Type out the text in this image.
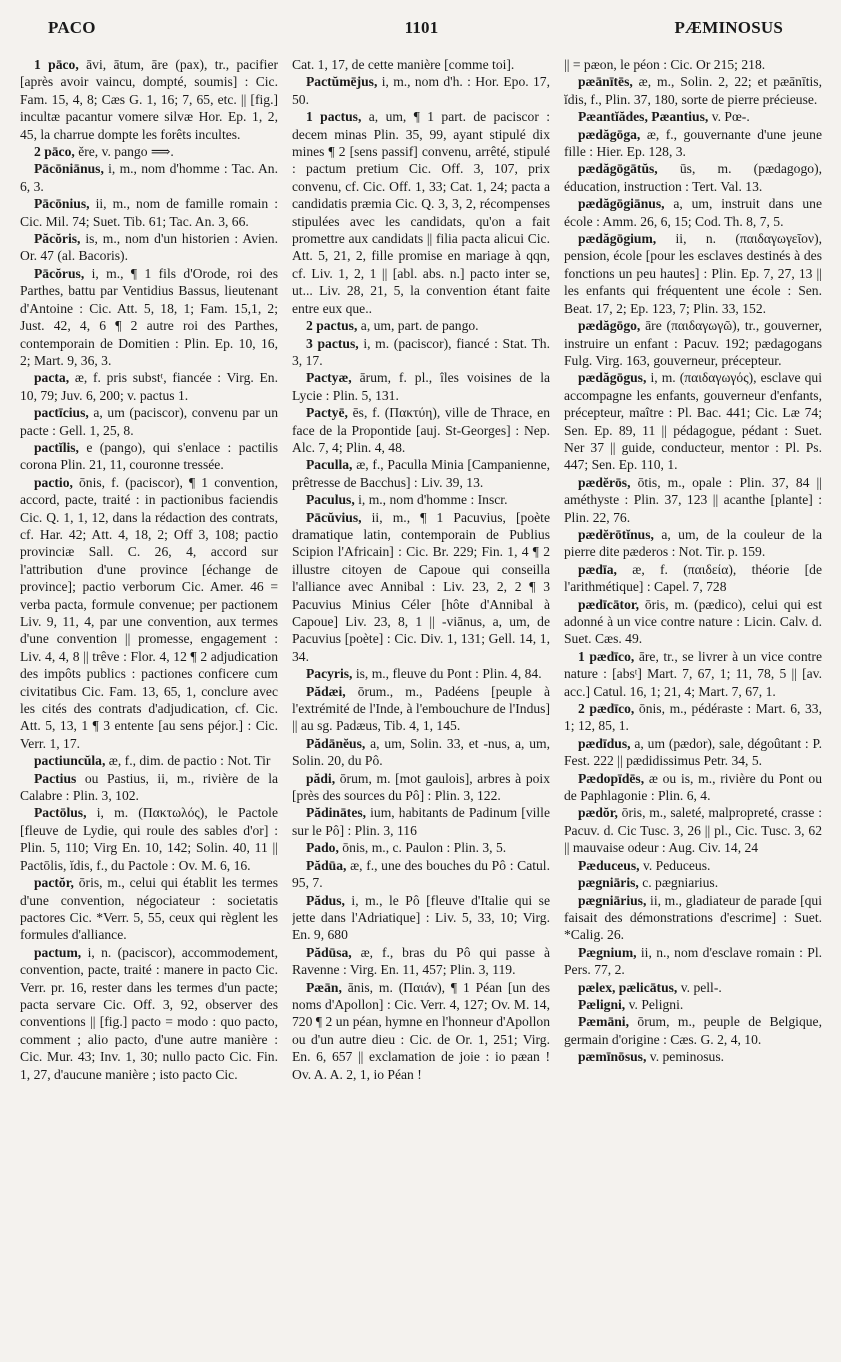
PACO	1101	PÆMINOSUS

1 pāco, āvi, ātum, āre (pax), tr., pacifier [après avoir vaincu, dompté, soumis] : Cic. Fam. 15, 4, 8; Cæs G. 1, 16; 7, 65, etc. || [fig.] incultæ pacantur vomere silvæ Hor. Ep. 1, 2, 45, la charrue dompte les forêts incultes.

2 pāco, ĕre, v. pango ⟹.

Pācōniānus, i, m., nom d'homme : Tac. An. 6, 3.

Pācōnius, ii, m., nom de famille romain : Cic. Mil. 74; Suet. Tib. 61; Tac. An. 3, 66.

Păcŏris, is, m., nom d'un historien : Avien. Or. 47 (al. Bacoris).

Pācŏrus, i, m., ¶ 1 fils d'Orode, roi des Parthes, battu par Ventidius Bassus, lieutenant d'Antoine : Cic. Att. 5, 18, 1; Fam. 15,1, 2; Just. 42, 4, 6 ¶ 2 autre roi des Parthes, contemporain de Domitien : Plin. Ep. 10, 16, 2; Mart. 9, 36, 3.

pacta, æ, f. pris substᵗ, fiancée : Virg. En. 10, 79; Juv. 6, 200; v. pactus 1.

pactīcius, a, um (paciscor), convenu par un pacte : Gell. 1, 25, 8.

pactĭlis, e (pango), qui s'enlace : pactilis corona Plin. 21, 11, couronne tressée.

pactio, ōnis, f. (paciscor), ¶ 1 convention, accord, pacte, traité : in pactionibus faciendis Cic. Q. 1, 1, 12, dans la rédaction des contrats, cf. Har. 42; Att. 4, 18, 2; Off 3, 108; pactio provinciæ Sall. C. 26, 4, accord sur l'attribution d'une province [échange de province]; pactio verborum Cic. Amer. 46 = verba pacta, formule convenue; per pactionem Liv. 9, 11, 4, par une convention, aux termes d'une convention || promesse, engagement : Liv. 4, 4, 8 || trêve : Flor. 4, 12 ¶ 2 adjudication des impôts publics : pactiones conficere cum civitatibus Cic. Fam. 13, 65, 1, conclure avec les cités des contrats d'adjudication, cf. Cic. Att. 5, 13, 1 ¶ 3 entente [au sens péjor.] : Cic. Verr. 1, 17.

pactiuncŭla, æ, f., dim. de pactio : Not. Tir

Pactius ou Pastius, ii, m., rivière de la Calabre : Plin. 3, 102.

Pactōlus, i, m. (Πακτωλός), le Pactole [fleuve de Lydie, qui roule des sables d'or] : Plin. 5, 110; Virg En. 10, 142; Solin. 40, 11 || Pactōlis, ĭdis, f., du Pactole : Ov. M. 6, 16.

pactŏr, ōris, m., celui qui établit les termes d'une convention, négociateur : societatis pactores Cic. *Verr. 5, 55, ceux qui règlent les formules d'alliance.

pactum, i, n. (paciscor), accommodement, convention, pacte, traité : manere in pacto Cic. Verr. pr. 16, rester dans les termes d'un pacte; pacta servare Cic. Off. 3, 92, observer des conventions || [fig.] pacto = modo : quo pacto, comment ; alio pacto, d'une autre manière : Cic. Mur. 43; Inv. 1, 30; nullo pacto Cic. Fin. 1, 27, d'aucune manière ; isto pacto Cic.

Cat. 1, 17, de cette manière [comme toi].

Pactŭmējus, i, m., nom d'h. : Hor. Epo. 17, 50.

1 pactus, a, um, ¶ 1 part. de paciscor : decem minas Plin. 35, 99, ayant stipulé dix mines ¶ 2 [sens passif] convenu, arrêté, stipulé : pactum pretium Cic. Off. 3, 107, prix convenu, cf. Cic. Off. 1, 33; Cat. 1, 24; pacta a candidatis præmia Cic. Q. 3, 3, 2, récompenses stipulées avec les candidats, qu'on a fait promettre aux candidats || filia pacta alicui Cic. Att. 5, 21, 2, fille promise en mariage à qqn, cf. Liv. 1, 2, 1 || [abl. abs. n.] pacto inter se, ut... Liv. 28, 21, 5, la convention étant faite entre eux que..

2 pactus, a, um, part. de pango.

3 pactus, i, m. (paciscor), fiancé : Stat. Th. 3, 17.

Pactyæ, ārum, f. pl., îles voisines de la Lycie : Plin. 5, 131.

Pactyē, ēs, f. (Πακτύη), ville de Thrace, en face de la Propontide [auj. St-Georges] : Nep. Alc. 7, 4; Plin. 4, 48.

Paculla, æ, f., Paculla Minia [Campanienne, prêtresse de Bacchus] : Liv. 39, 13.

Paculus, i, m., nom d'homme : Inscr.

Pācŭvius, ii, m., ¶ 1 Pacuvius, [poète dramatique latin, contemporain de Publius Scipion l'Africain] : Cic. Br. 229; Fin. 1, 4 ¶ 2 illustre citoyen de Capoue qui conseilla l'alliance avec Annibal : Liv. 23, 2, 2 ¶ 3 Pacuvius Minius Céler [hôte d'Annibal à Capoue] Liv. 23, 8, 1 || -viānus, a, um, de Pacuvius [poète] : Cic. Div. 1, 131; Gell. 14, 1, 34.

Pacyris, is, m., fleuve du Pont : Plin. 4, 84.

Pădæi, ōrum., m., Padéens [peuple à l'extrémité de l'Inde, à l'embouchure de l'Indus] || au sg. Padæus, Tib. 4, 1, 145.

Pădānĕus, a, um, Solin. 33, et -nus, a, um, Solin. 20, du Pô.

pădi, ōrum, m. [mot gaulois], arbres à poix [près des sources du Pô] : Plin. 3, 122.

Pădinātes, ium, habitants de Padinum [ville sur le Pô] : Plin. 3, 116

Pado, ōnis, m., c. Paulon : Plin. 3, 5.

Pădūa, æ, f., une des bouches du Pô : Catul. 95, 7.

Pădus, i, m., le Pô [fleuve d'Italie qui se jette dans l'Adriatique] : Liv. 5, 33, 10; Virg. En. 9, 680

Pădūsa, æ, f., bras du Pô qui passe à Ravenne : Virg. En. 11, 457; Plin. 3, 119.

Pæān, ānis, m. (Παιάν), ¶ 1 Péan [un des noms d'Apollon] : Cic. Verr. 4, 127; Ov. M. 14, 720 ¶ 2 un péan, hymne en l'honneur d'Apollon ou d'un autre dieu : Cic. de Or. 1, 251; Virg. En. 6, 657 || exclamation de joie : io pæan ! Ov. A. A. 2, 1, io Péan !

|| = pæon, le péon : Cic. Or 215; 218.

pæānītēs, æ, m., Solin. 2, 22; et pæānītis, ĭdis, f., Plin. 37, 180, sorte de pierre précieuse.

Pæantĭădes, Pæantius, v. Pœ-.

pædăgōga, æ, f., gouvernante d'une jeune fille : Hier. Ep. 128, 3.

pædăgōgātŭs, ūs, m. (pædagogo), éducation, instruction : Tert. Val. 13.

pædăgōgiānus, a, um, instruit dans une école : Amm. 26, 6, 15; Cod. Th. 8, 7, 5.

pædăgōgium, ii, n. (παιδαγωγεῖον), pension, école [pour les esclaves destinés à des fonctions un peu hautes] : Plin. Ep. 7, 27, 13 || les enfants qui fréquentent une école : Sen. Beat. 17, 2; Ep. 123, 7; Plin. 33, 152.

pædăgōgo, āre (παιδαγωγῶ), tr., gouverner, instruire un enfant : Pacuv. 192; pædagogans Fulg. Virg. 163, gouverneur, précepteur.

pædăgōgus, i, m. (παιδαγωγός), esclave qui accompagne les enfants, gouverneur d'enfants, précepteur, maître : Pl. Bac. 441; Cic. Læ 74; Sen. Ep. 89, 11 || pédagogue, pédant : Suet. Ner 37 || guide, conducteur, mentor : Pl. Ps. 447; Sen. Ep. 110, 1.

pædĕrōs, ōtis, m., opale : Plin. 37, 84 || améthyste : Plin. 37, 123 || acanthe [plante] : Plin. 22, 76.

pædĕrōtĭnus, a, um, de la couleur de la pierre dite pæderos : Not. Tir. p. 159.

pædīa, æ, f. (παιδεία), théorie [de l'arithmétique] : Capel. 7, 728

pædīcātor, ōris, m. (pædico), celui qui est adonné à un vice contre nature : Licin. Calv. d. Suet. Cæs. 49.

1 pædīco, āre, tr., se livrer à un vice contre nature : [absᵗ] Mart. 7, 67, 1; 11, 78, 5 || [av. acc.] Catul. 16, 1; 21, 4; Mart. 7, 67, 1.

2 pædīco, ōnis, m., pédéraste : Mart. 6, 33, 1; 12, 85, 1.

pædīdus, a, um (pædor), sale, dégoûtant : P. Fest. 222 || pædidissimus Petr. 34, 5.

Pædopīdēs, æ ou is, m., rivière du Pont ou de Paphlagonie : Plin. 6, 4.

pædŏr, ōris, m., saleté, malpropreté, crasse : Pacuv. d. Cic Tusc. 3, 26 || pl., Cic. Tusc. 3, 62 || mauvaise odeur : Aug. Civ. 14, 24

Pæduceus, v. Peduceus.

pægniāris, c. pægniarius.

pægniārius, ii, m., gladiateur de parade [qui faisait des démonstrations d'escrime] : Suet. *Calig. 26.

Pægnium, ii, n., nom d'esclave romain : Pl. Pers. 77, 2.

pælex, pælicātus, v. pell-.

Pæligni, v. Peligni.

Pæmāni, ōrum, m., peuple de Belgique, germain d'origine : Cæs. G. 2, 4, 10.

pæmīnōsus, v. peminosus.
